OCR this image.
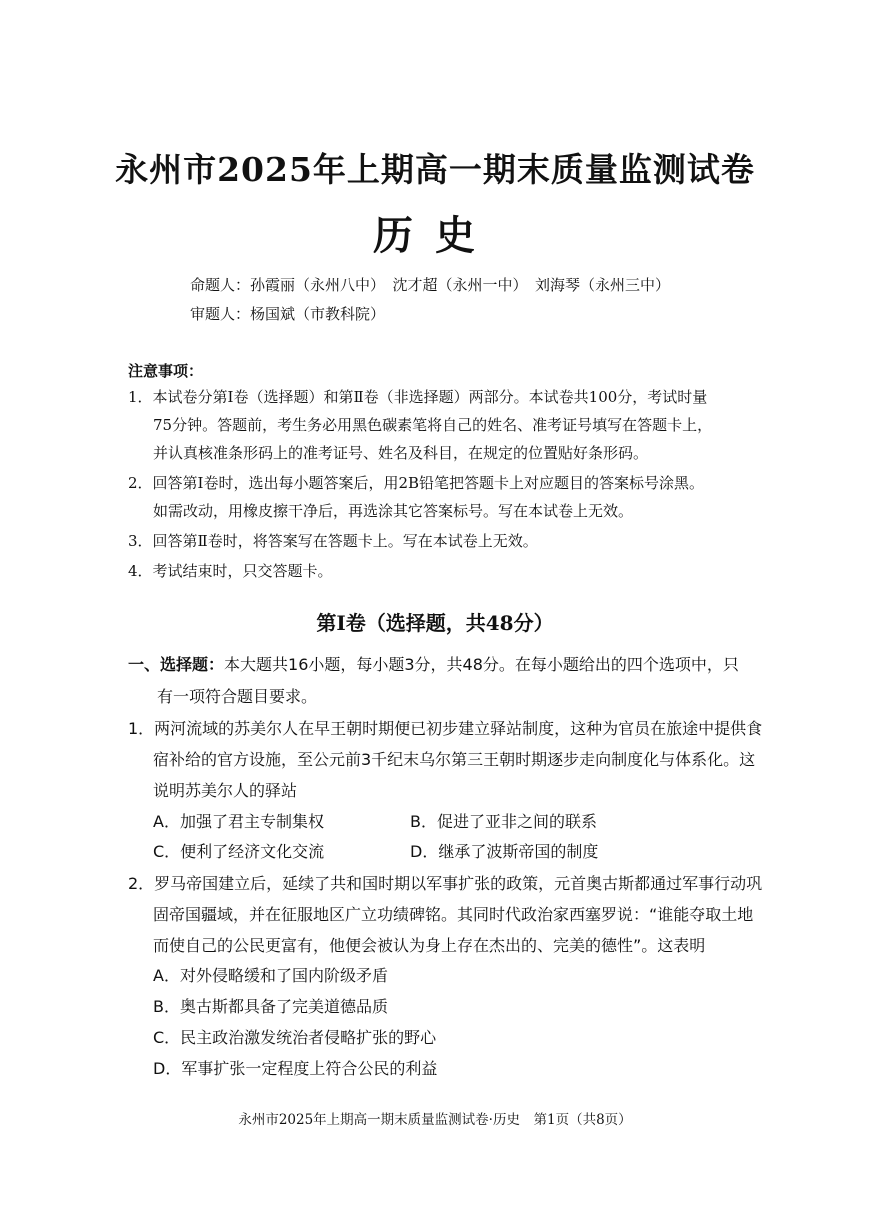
永州市2025年上期高一期末质量监测试卷
历史
命题人：孙霞丽（永州八中）　沈才超（永州一中）　刘海琴（永州三中）
审题人：杨国斌（市教科院）
注意事项：
1．本试卷分第Ⅰ卷（选择题）和第Ⅱ卷（非选择题）两部分。本试卷共100分，考试时量
75分钟。答题前，考生务必用黑色碳素笔将自己的姓名、准考证号填写在答题卡上，
并认真核准条形码上的准考证号、姓名及科目，在规定的位置贴好条形码。
2．回答第Ⅰ卷时，选出每小题答案后，用2B铅笔把答题卡上对应题目的答案标号涂黑。
如需改动，用橡皮擦干净后，再选涂其它答案标号。写在本试卷上无效。
3．回答第Ⅱ卷时，将答案写在答题卡上。写在本试卷上无效。
4．考试结束时，只交答题卡。
第Ⅰ卷（选择题，共48分）
一、选择题：本大题共16小题，每小题3分，共48分。在每小题给出的四个选项中，只
有一项符合题目要求。
1．两河流域的苏美尔人在早王朝时期便已初步建立驿站制度，这种为官员在旅途中提供食
宿补给的官方设施，至公元前3千纪末乌尔第三王朝时期逐步走向制度化与体系化。这
说明苏美尔人的驿站
A．加强了君主专制集权	B．促进了亚非之间的联系
C．便利了经济文化交流	D．继承了波斯帝国的制度
2．罗马帝国建立后，延续了共和国时期以军事扩张的政策，元首奥古斯都通过军事行动巩
固帝国疆域，并在征服地区广立功绩碑铭。其同时代政治家西塞罗说：“谁能夺取土地
而使自己的公民更富有，他便会被认为身上存在杰出的、完美的德性”。这表明
A．对外侵略缓和了国内阶级矛盾
B．奥古斯都具备了完美道德品质
C．民主政治激发统治者侵略扩张的野心
D．军事扩张一定程度上符合公民的利益
永州市2025年上期高一期末质量监测试卷·历史　第1页（共8页）
